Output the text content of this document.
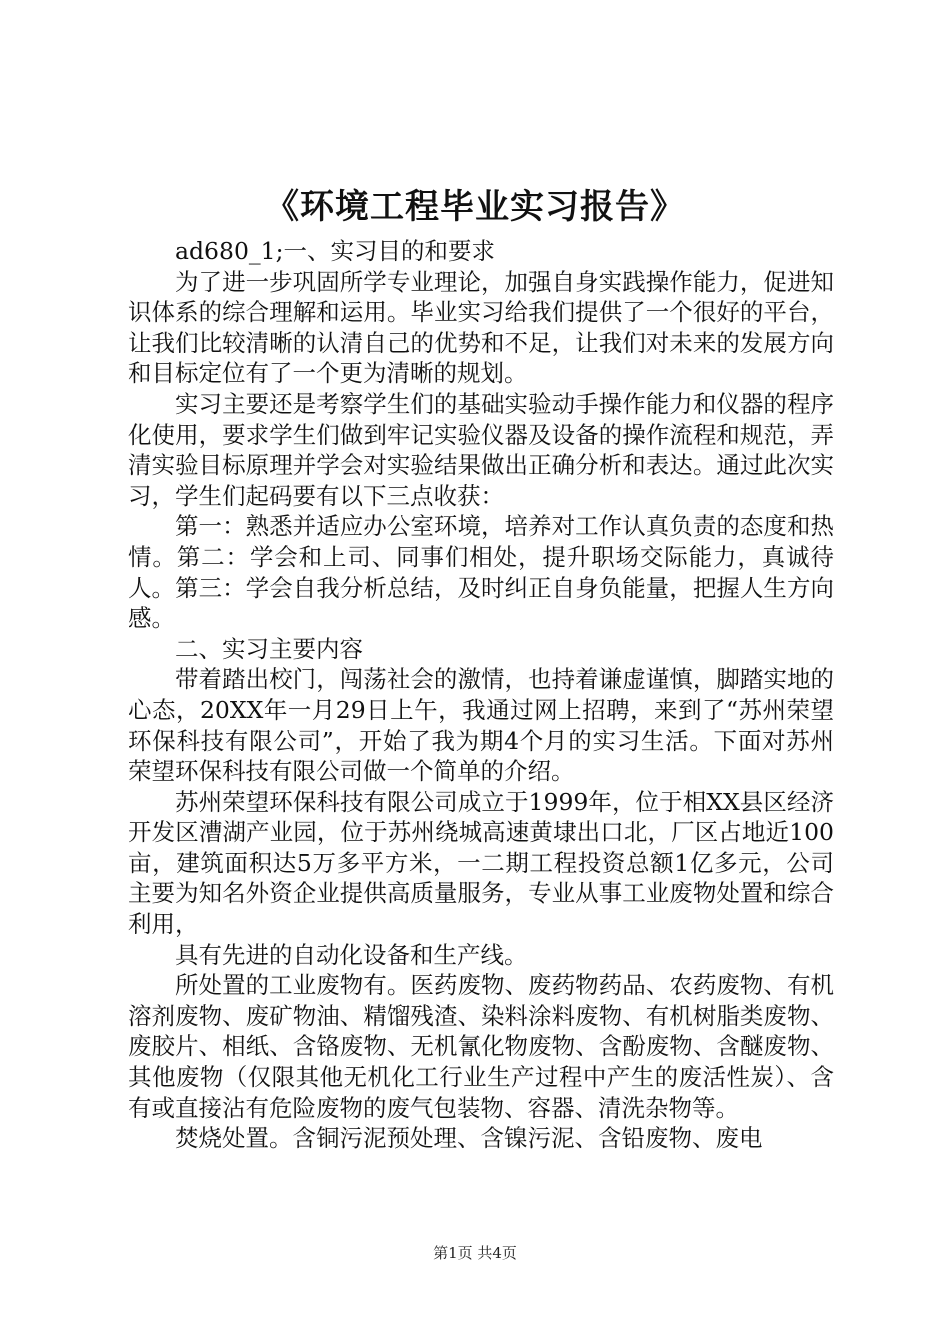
《环境工程毕业实习报告》

ad680_1;一、实习目的和要求

为了进一步巩固所学专业理论，加强自身实践操作能力，促进知识体系的综合理解和运用。毕业实习给我们提供了一个很好的平台，让我们比较清晰的认清自己的优势和不足，让我们对未来的发展方向和目标定位有了一个更为清晰的规划。

实习主要还是考察学生们的基础实验动手操作能力和仪器的程序化使用，要求学生们做到牢记实验仪器及设备的操作流程和规范，弄清实验目标原理并学会对实验结果做出正确分析和表达。通过此次实习，学生们起码要有以下三点收获：

第一：熟悉并适应办公室环境，培养对工作认真负责的态度和热情。第二：学会和上司、同事们相处，提升职场交际能力，真诚待人。第三：学会自我分析总结，及时纠正自身负能量，把握人生方向感。

二、实习主要内容

带着踏出校门，闯荡社会的激情，也持着谦虚谨慎，脚踏实地的心态，20XX年一月29日上午，我通过网上招聘，来到了“苏州荣望环保科技有限公司”，开始了我为期4个月的实习生活。下面对苏州荣望环保科技有限公司做一个简单的介绍。

苏州荣望环保科技有限公司成立于1999年，位于相XX县区经济开发区漕湖产业园，位于苏州绕城高速黄埭出口北，厂区占地近100亩，建筑面积达5万多平方米，一二期工程投资总额1亿多元，公司主要为知名外资企业提供高质量服务，专业从事工业废物处置和综合利用，

具有先进的自动化设备和生产线。

所处置的工业废物有。医药废物、废药物药品、农药废物、有机溶剂废物、废矿物油、精馏残渣、染料涂料废物、有机树脂类废物、废胶片、相纸、含铬废物、无机氰化物废物、含酚废物、含醚废物、其他废物（仅限其他无机化工行业生产过程中产生的废活性炭）、含有或直接沾有危险废物的废气包装物、容器、清洗杂物等。

焚烧处置。含铜污泥预处理、含镍污泥、含铅废物、废电

第1页 共4页
